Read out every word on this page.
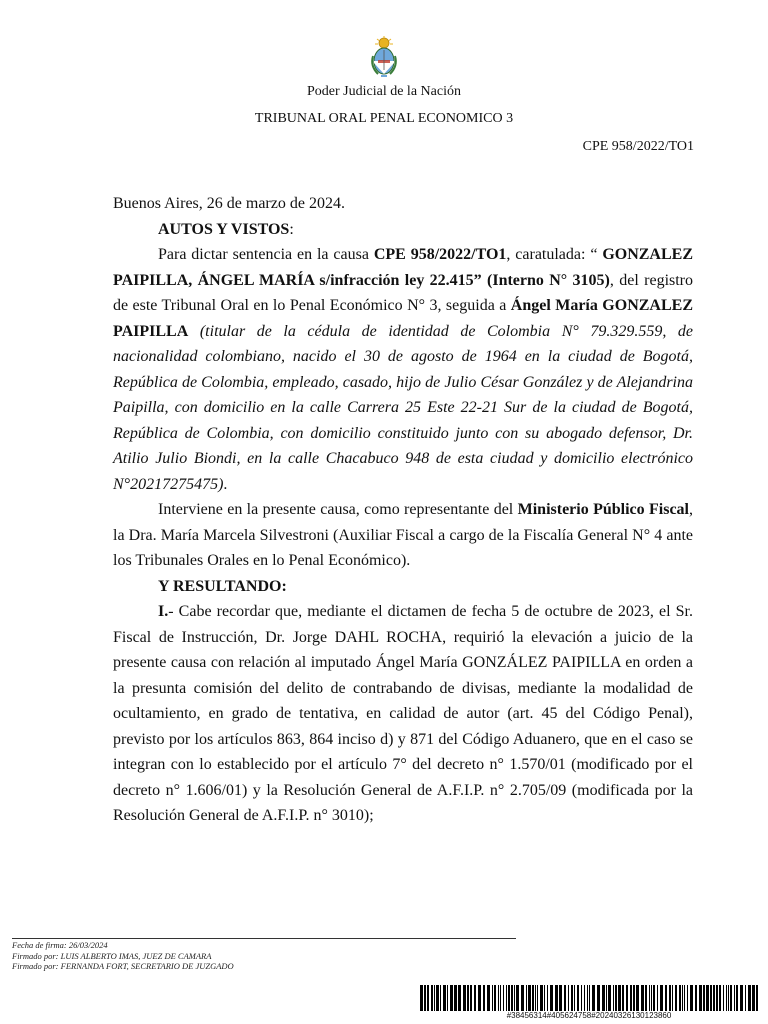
Poder Judicial de la Nación
TRIBUNAL ORAL PENAL ECONOMICO 3
CPE 958/2022/TO1

Buenos Aires, 26 de marzo de 2024.

AUTOS Y VISTOS:

Para dictar sentencia en la causa CPE 958/2022/TO1, caratulada: “ GONZALEZ PAIPILLA, ÁNGEL MARÍA s/infracción ley 22.415” (Interno N° 3105), del registro de este Tribunal Oral en lo Penal Económico N° 3, seguida a Ángel María GONZALEZ PAIPILLA (titular de la cédula de identidad de Colombia N° 79.329.559, de nacionalidad colombiano, nacido el 30 de agosto de 1964 en la ciudad de Bogotá, República de Colombia, empleado, casado, hijo de Julio César González y de Alejandrina Paipilla, con domicilio en la calle Carrera 25 Este 22-21 Sur de la ciudad de Bogotá, República de Colombia, con domicilio constituido junto con su abogado defensor, Dr. Atilio Julio Biondi, en la calle Chacabuco 948 de esta ciudad y domicilio electrónico N°20217275475).

Interviene en la presente causa, como representante del Ministerio Público Fiscal, la Dra. María Marcela Silvestroni (Auxiliar Fiscal a cargo de la Fiscalía General N° 4 ante los Tribunales Orales en lo Penal Económico).

Y RESULTANDO:

I.- Cabe recordar que, mediante el dictamen de fecha 5 de octubre de 2023, el Sr. Fiscal de Instrucción, Dr. Jorge DAHL ROCHA, requirió la elevación a juicio de la presente causa con relación al imputado Ángel María GONZÁLEZ PAIPILLA en orden a la presunta comisión del delito de contrabando de divisas, mediante la modalidad de ocultamiento, en grado de tentativa, en calidad de autor (art. 45 del Código Penal), previsto por los artículos 863, 864 inciso d) y 871 del Código Aduanero, que en el caso se integran con lo establecido por el artículo 7° del decreto n° 1.570/01 (modificado por el decreto n° 1.606/01) y la Resolución General de A.F.I.P. n° 2.705/09 (modificada por la Resolución General de A.F.I.P. n° 3010);

Fecha de firma: 26/03/2024
Firmado por: LUIS ALBERTO IMAS, JUEZ DE CAMARA
Firmado por: FERNANDA FORT, SECRETARIO DE JUZGADO
#38456314#405624758#20240326130123860
